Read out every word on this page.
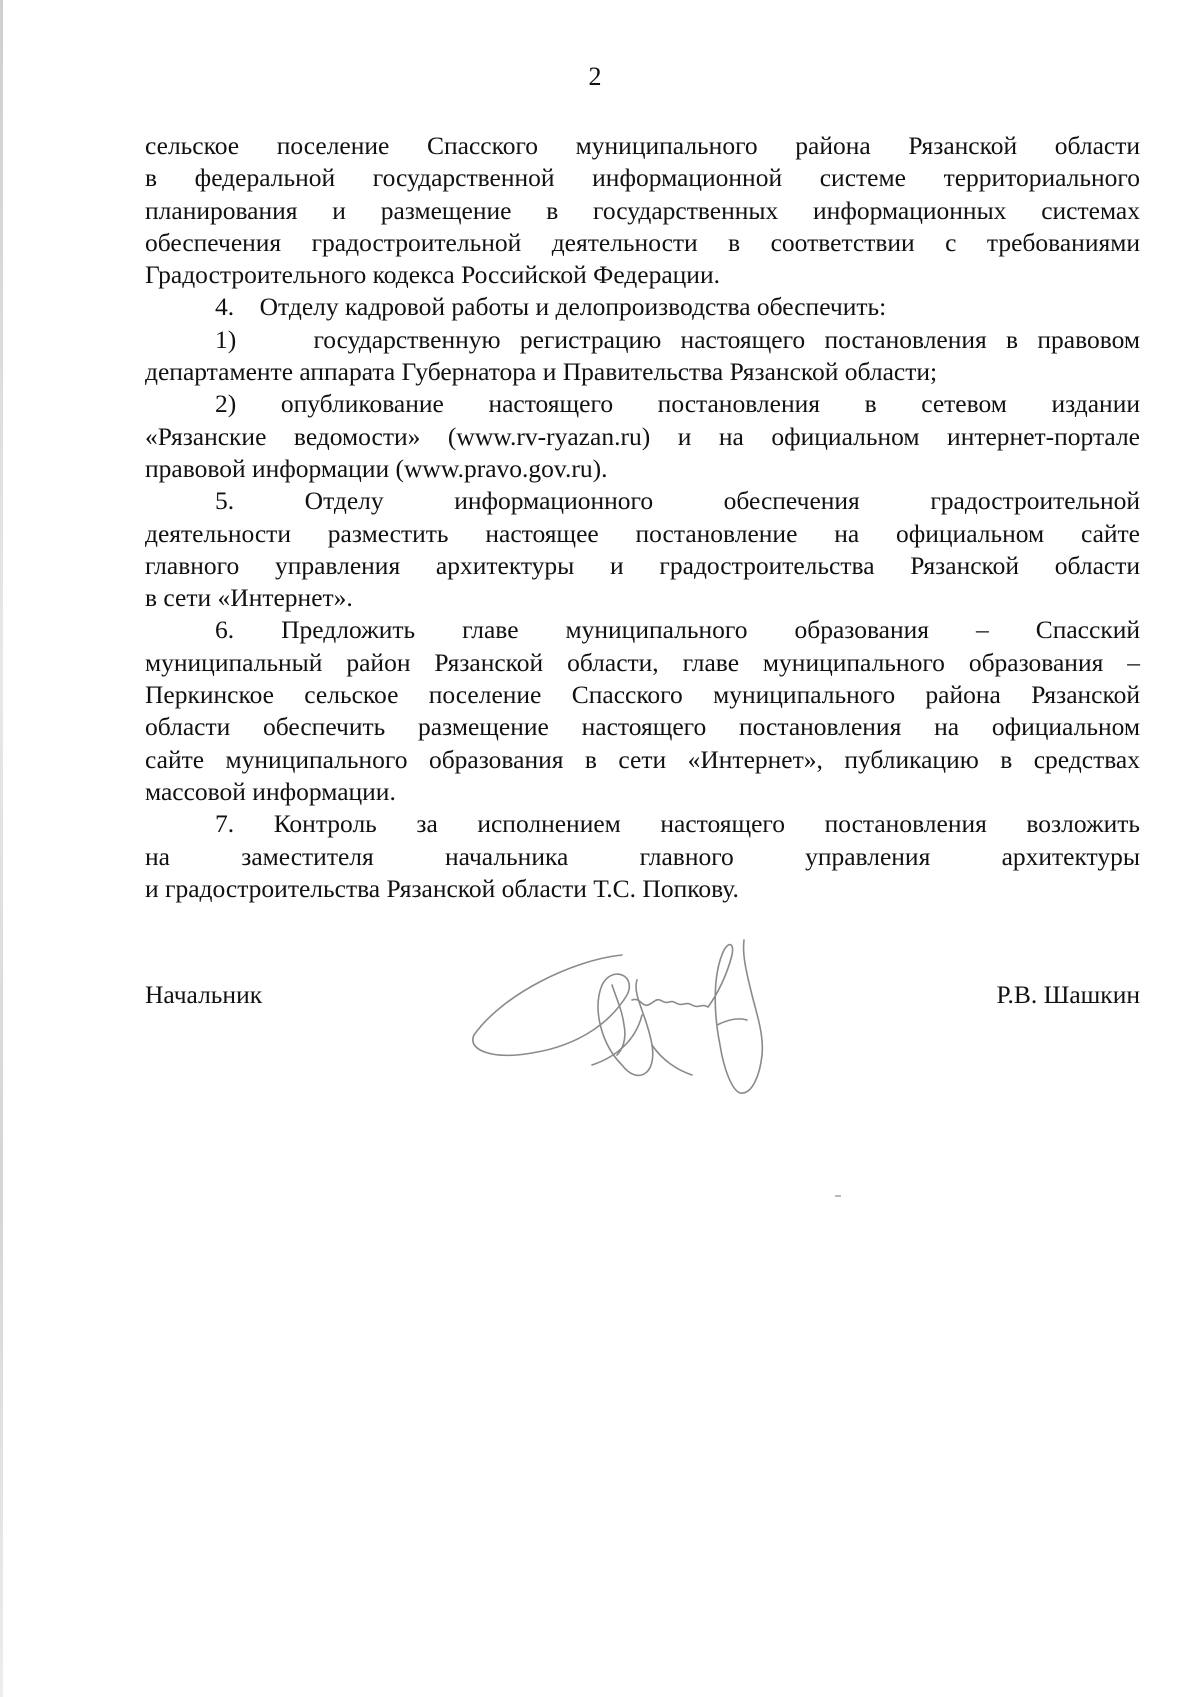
2
сельское поселение Спасского муниципального района Рязанской области
в федеральной государственной информационной системе территориального
планирования и размещение в государственных информационных системах
обеспечения градостроительной деятельности в соответствии с требованиями
Градостроительного кодекса Российской Федерации.
4.    Отделу кадровой работы и делопроизводства обеспечить:
1)    государственную регистрацию настоящего постановления в правовом
департаменте аппарата Губернатора и Правительства Рязанской области;
2) опубликование настоящего постановления в сетевом издании
«Рязанские ведомости» (www.rv-ryazan.ru) и на официальном интернет-портале
правовой информации (www.pravo.gov.ru).
5. Отделу информационного обеспечения градостроительной
деятельности разместить настоящее постановление на официальном сайте
главного управления архитектуры и градостроительства Рязанской области
в сети «Интернет».
6. Предложить главе муниципального образования – Спасский
муниципальный район Рязанской области, главе муниципального образования –
Перкинское сельское поселение Спасского муниципального района Рязанской
области обеспечить размещение настоящего постановления на официальном
сайте муниципального образования в сети «Интернет», публикацию в средствах
массовой информации.
7. Контроль за исполнением настоящего постановления возложить
на заместителя начальника главного управления архитектуры
и градостроительства Рязанской области Т.С. Попкову.
Начальник	Р.В. Шашкин
